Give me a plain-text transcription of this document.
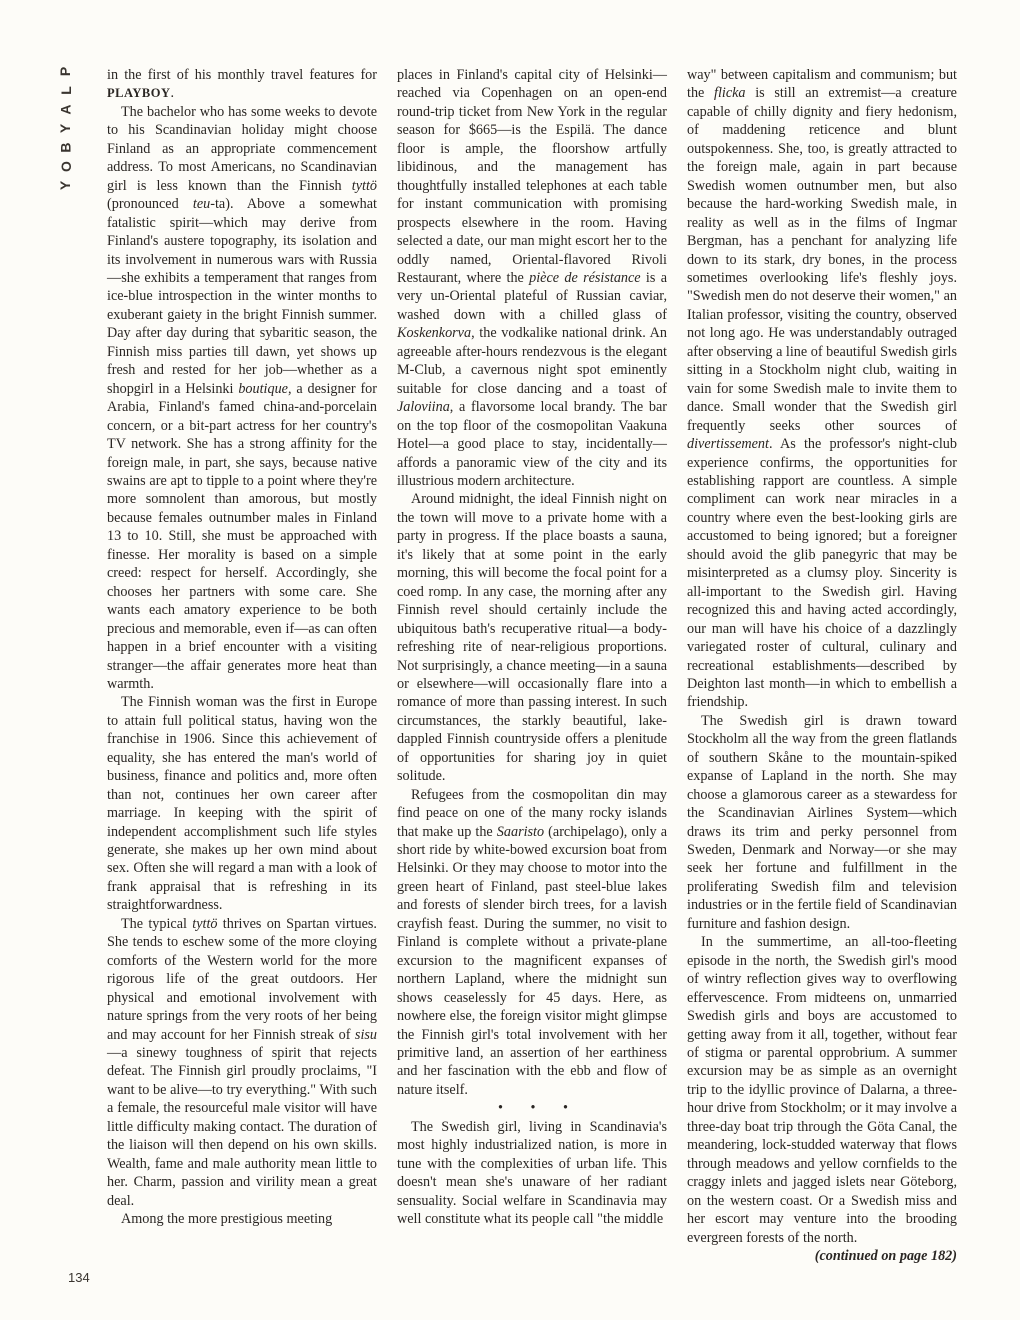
P
L
A
Y
B
O
Y

in the first of his monthly travel features for PLAYBOY.

The bachelor who has some weeks to devote to his Scandinavian holiday might choose Finland as an appropriate commencement address. To most Americans, no Scandinavian girl is less known than the Finnish tyttö (pronounced teu-ta). Above a somewhat fatalistic spirit—which may derive from Finland's austere topography, its isolation and its involvement in numerous wars with Russia—she exhibits a temperament that ranges from ice-blue introspection in the winter months to exuberant gaiety in the bright Finnish summer. Day after day during that sybaritic season, the Finnish miss parties till dawn, yet shows up fresh and rested for her job—whether as a shopgirl in a Helsinki boutique, a designer for Arabia, Finland's famed china-and-porcelain concern, or a bit-part actress for her country's TV network. She has a strong affinity for the foreign male, in part, she says, because native swains are apt to tipple to a point where they're more somnolent than amorous, but mostly because females outnumber males in Finland 13 to 10. Still, she must be approached with finesse. Her morality is based on a simple creed: respect for herself. Accordingly, she chooses her partners with some care. She wants each amatory experience to be both precious and memorable, even if—as can often happen in a brief encounter with a visiting stranger—the affair generates more heat than warmth.

The Finnish woman was the first in Europe to attain full political status, having won the franchise in 1906. Since this achievement of equality, she has entered the man's world of business, finance and politics and, more often than not, continues her own career after marriage. In keeping with the spirit of independent accomplishment such life styles generate, she makes up her own mind about sex. Often she will regard a man with a look of frank appraisal that is refreshing in its straightforwardness.

The typical tyttö thrives on Spartan virtues. She tends to eschew some of the more cloying comforts of the Western world for the more rigorous life of the great outdoors. Her physical and emotional involvement with nature springs from the very roots of her being and may account for her Finnish streak of sisu—a sinewy toughness of spirit that rejects defeat. The Finnish girl proudly proclaims, "I want to be alive—to try everything." With such a female, the resourceful male visitor will have little difficulty making contact. The duration of the liaison will then depend on his own skills. Wealth, fame and male authority mean little to her. Charm, passion and virility mean a great deal.

Among the more prestigious meeting

places in Finland's capital city of Helsinki—reached via Copenhagen on an open-end round-trip ticket from New York in the regular season for $665—is the Espilä. The dance floor is ample, the floorshow artfully libidinous, and the management has thoughtfully installed telephones at each table for instant communication with promising prospects elsewhere in the room. Having selected a date, our man might escort her to the oddly named, Oriental-flavored Rivoli Restaurant, where the pièce de résistance is a very un-Oriental plateful of Russian caviar, washed down with a chilled glass of Koskenkorva, the vodkalike national drink. An agreeable after-hours rendezvous is the elegant M-Club, a cavernous night spot eminently suitable for close dancing and a toast of Jaloviina, a flavorsome local brandy. The bar on the top floor of the cosmopolitan Vaakuna Hotel—a good place to stay, incidentally—affords a panoramic view of the city and its illustrious modern architecture.

Around midnight, the ideal Finnish night on the town will move to a private home with a party in progress. If the place boasts a sauna, it's likely that at some point in the early morning, this will become the focal point for a coed romp. In any case, the morning after any Finnish revel should certainly include the ubiquitous bath's recuperative ritual—a body-refreshing rite of near-religious proportions. Not surprisingly, a chance meeting—in a sauna or elsewhere—will occasionally flare into a romance of more than passing interest. In such circumstances, the starkly beautiful, lake-dappled Finnish countryside offers a plenitude of opportunities for sharing joy in quiet solitude.

Refugees from the cosmopolitan din may find peace on one of the many rocky islands that make up the Saaristo (archipelago), only a short ride by white-bowed excursion boat from Helsinki. Or they may choose to motor into the green heart of Finland, past steel-blue lakes and forests of slender birch trees, for a lavish crayfish feast. During the summer, no visit to Finland is complete without a private-plane excursion to the magnificent expanses of northern Lapland, where the midnight sun shows ceaselessly for 45 days. Here, as nowhere else, the foreign visitor might glimpse the Finnish girl's total involvement with her primitive land, an assertion of her earthiness and her fascination with the ebb and flow of nature itself.

• • •

The Swedish girl, living in Scandinavia's most highly industrialized nation, is more in tune with the complexities of urban life. This doesn't mean she's unaware of her radiant sensuality. Social welfare in Scandinavia may well constitute what its people call "the middle

way" between capitalism and communism; but the flicka is still an extremist—a creature capable of chilly dignity and fiery hedonism, of maddening reticence and blunt outspokenness. She, too, is greatly attracted to the foreign male, again in part because Swedish women outnumber men, but also because the hard-working Swedish male, in reality as well as in the films of Ingmar Bergman, has a penchant for analyzing life down to its stark, dry bones, in the process sometimes overlooking life's fleshly joys. "Swedish men do not deserve their women," an Italian professor, visiting the country, observed not long ago. He was understandably outraged after observing a line of beautiful Swedish girls sitting in a Stockholm night club, waiting in vain for some Swedish male to invite them to dance. Small wonder that the Swedish girl frequently seeks other sources of divertissement. As the professor's night-club experience confirms, the opportunities for establishing rapport are countless. A simple compliment can work near miracles in a country where even the best-looking girls are accustomed to being ignored; but a foreigner should avoid the glib panegyric that may be misinterpreted as a clumsy ploy. Sincerity is all-important to the Swedish girl. Having recognized this and having acted accordingly, our man will have his choice of a dazzlingly variegated roster of cultural, culinary and recreational establishments—described by Deighton last month—in which to embellish a friendship.

The Swedish girl is drawn toward Stockholm all the way from the green flatlands of southern Skåne to the mountain-spiked expanse of Lapland in the north. She may choose a glamorous career as a stewardess for the Scandinavian Airlines System—which draws its trim and perky personnel from Sweden, Denmark and Norway—or she may seek her fortune and fulfillment in the proliferating Swedish film and television industries or in the fertile field of Scandinavian furniture and fashion design.

In the summertime, an all-too-fleeting episode in the north, the Swedish girl's mood of wintry reflection gives way to overflowing effervescence. From midteens on, unmarried Swedish girls and boys are accustomed to getting away from it all, together, without fear of stigma or parental opprobrium. A summer excursion may be as simple as an overnight trip to the idyllic province of Dalarna, a three-hour drive from Stockholm; or it may involve a three-day boat trip through the Göta Canal, the meandering, lock-studded waterway that flows through meadows and yellow cornfields to the craggy inlets and jagged islets near Göteborg, on the western coast. Or a Swedish miss and her escort may venture into the brooding evergreen forests of the north.

(continued on page 182)

134
